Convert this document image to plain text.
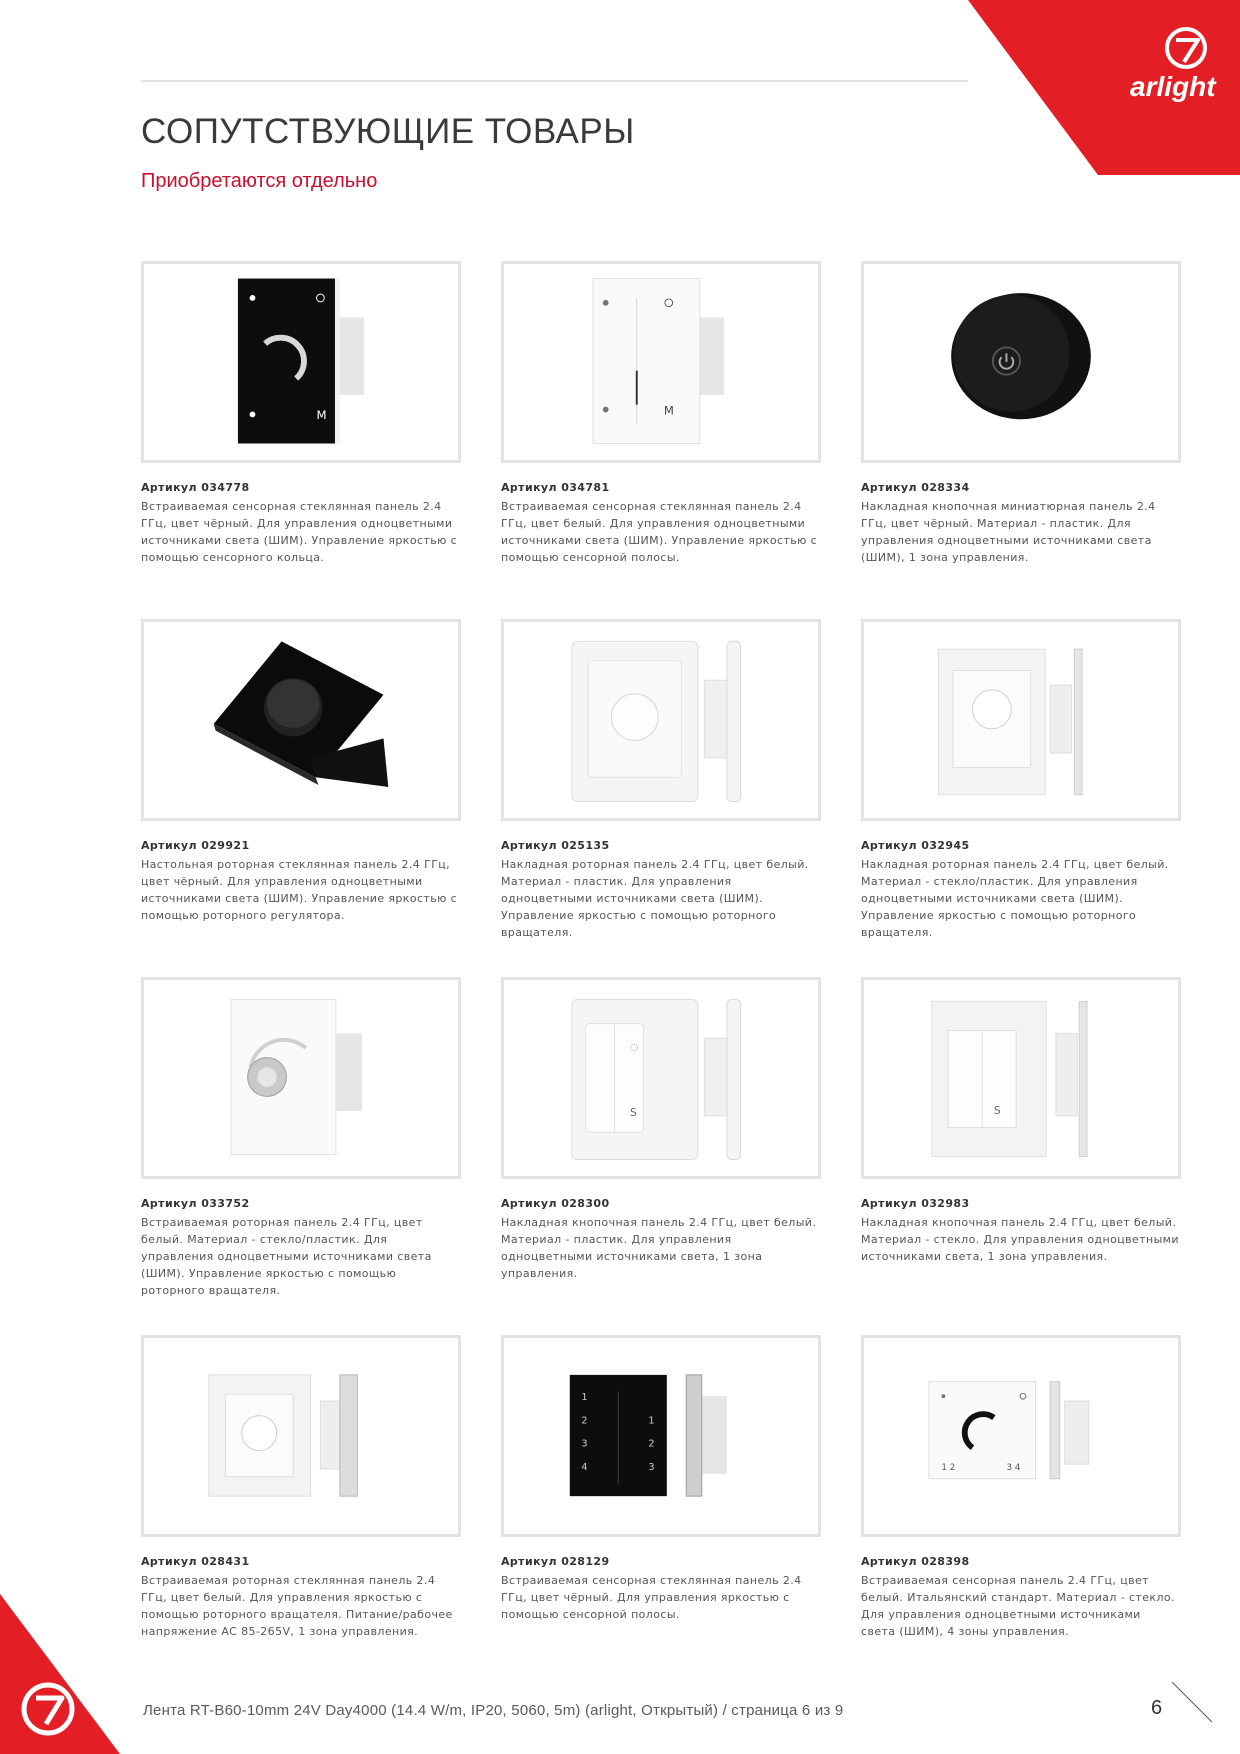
arlight
СОПУТСТВУЮЩИЕ ТОВАРЫ
Приобретаются отдельно
M
Артикул 034778
Встраиваемая сенсорная стеклянная панель 2.4 ГГц, цвет чёрный. Для управления одноцветными источниками света (ШИМ). Управление яркостью с помощью сенсорного кольца.
M
Артикул 034781
Встраиваемая сенсорная стеклянная панель 2.4 ГГц, цвет белый. Для управления одноцветными источниками света (ШИМ). Управление яркостью с помощью сенсорной полосы.
Артикул 028334
Накладная кнопочная миниатюрная панель 2.4 ГГц, цвет чёрный. Материал - пластик. Для управления одноцветными источниками света (ШИМ), 1 зона управления.
Артикул 029921
Настольная роторная стеклянная панель 2.4 ГГц, цвет чёрный. Для управления одноцветными источниками света (ШИМ). Управление яркостью с помощью роторного регулятора.
Артикул 025135
Накладная роторная панель 2.4 ГГц, цвет белый. Материал - пластик. Для управления одноцветными источниками света (ШИМ). Управление яркостью с помощью роторного вращателя.
Артикул 032945
Накладная роторная панель 2.4 ГГц, цвет белый. Материал - стекло/пластик. Для управления одноцветными источниками света (ШИМ). Управление яркостью с помощью роторного вращателя.
Артикул 033752
Встраиваемая роторная панель 2.4 ГГц, цвет белый. Материал - стекло/пластик. Для управления одноцветными источниками света (ШИМ). Управление яркостью с помощью роторного вращателя.
◌
S
Артикул 028300
Накладная кнопочная панель 2.4 ГГц, цвет белый. Материал - пластик. Для управления одноцветными источниками света, 1 зона управления.
S
Артикул 032983
Накладная кнопочная панель 2.4 ГГц, цвет белый. Материал - стекло. Для управления одноцветными источниками света, 1 зона управления.
Артикул 028431
Встраиваемая роторная стеклянная панель 2.4 ГГц, цвет белый. Для управления яркостью с помощью роторного вращателя. Питание/рабочее напряжение AC 85-265V, 1 зона управления.
1
2
3
4
1
2
3
Артикул 028129
Встраиваемая сенсорная стеклянная панель 2.4 ГГц, цвет чёрный. Для управления яркостью с помощью сенсорной полосы.
1 2	3 4
Артикул 028398
Встраиваемая сенсорная панель 2.4 ГГц, цвет белый. Итальянский стандарт. Материал - стекло. Для управления одноцветными источниками света (ШИМ), 4 зоны управления.
Лента RT-B60-10mm 24V Day4000 (14.4 W/m, IP20, 5060, 5m) (arlight, Открытый) / страница 6 из 9	6
